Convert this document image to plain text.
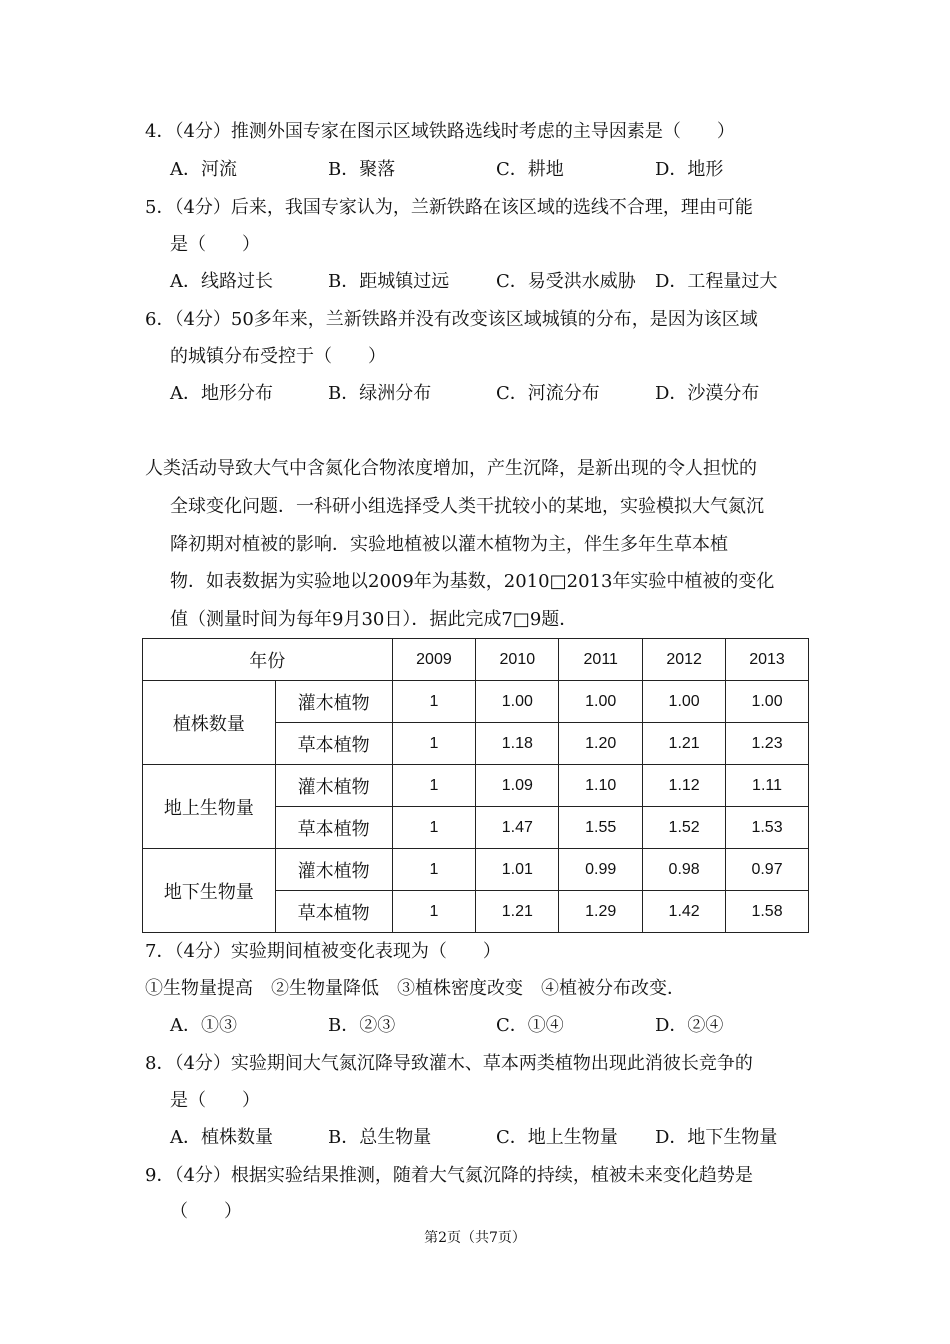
4．（4分）推测外国专家在图示区域铁路选线时考虑的主导因素是（　　）
A．河流	B．聚落	C．耕地	D．地形
5．（4分）后来，我国专家认为，兰新铁路在该区域的选线不合理，理由可能
是（　　）
A．线路过长	B．距城镇过远	C．易受洪水威胁 D．工程量过大
6．（4分）50多年来，兰新铁路并没有改变该区域城镇的分布，是因为该区域
的城镇分布受控于（　　）
A．地形分布	B．绿洲分布	C．河流分布	D．沙漠分布
人类活动导致大气中含氮化合物浓度增加，产生沉降，是新出现的令人担忧的
全球变化问题．一科研小组选择受人类干扰较小的某地，实验模拟大气氮沉
降初期对植被的影响．实验地植被以灌木植物为主，伴生多年生草本植
物．如表数据为实验地以2009年为基数，2010□2013年实验中植被的变化
值（测量时间为每年9月30日）．据此完成7□9题．
年份		2009	2010	2011	2012	2013
植株数量	灌木植物	1	1.00	1.00	1.00	1.00
	草本植物	1	1.18	1.20	1.21	1.23
地上生物量	灌木植物	1	1.09	1.10	1.12	1.11
	草本植物	1	1.47	1.55	1.52	1.53
地下生物量	灌木植物	1	1.01	0.99	0.98	0.97
	草本植物	1	1.21	1.29	1.42	1.58
7．（4分）实验期间植被变化表现为（　　）
①生物量提高　②生物量降低　③植株密度改变　④植被分布改变．
A．①③	B．②③	C．①④	D．②④
8．（4分）实验期间大气氮沉降导致灌木、草本两类植物出现此消彼长竞争的
是（　　）
A．植株数量	B．总生物量	C．地上生物量 D．地下生物量
9．（4分）根据实验结果推测，随着大气氮沉降的持续，植被未来变化趋势是
（　　）
第2页（共7页）
